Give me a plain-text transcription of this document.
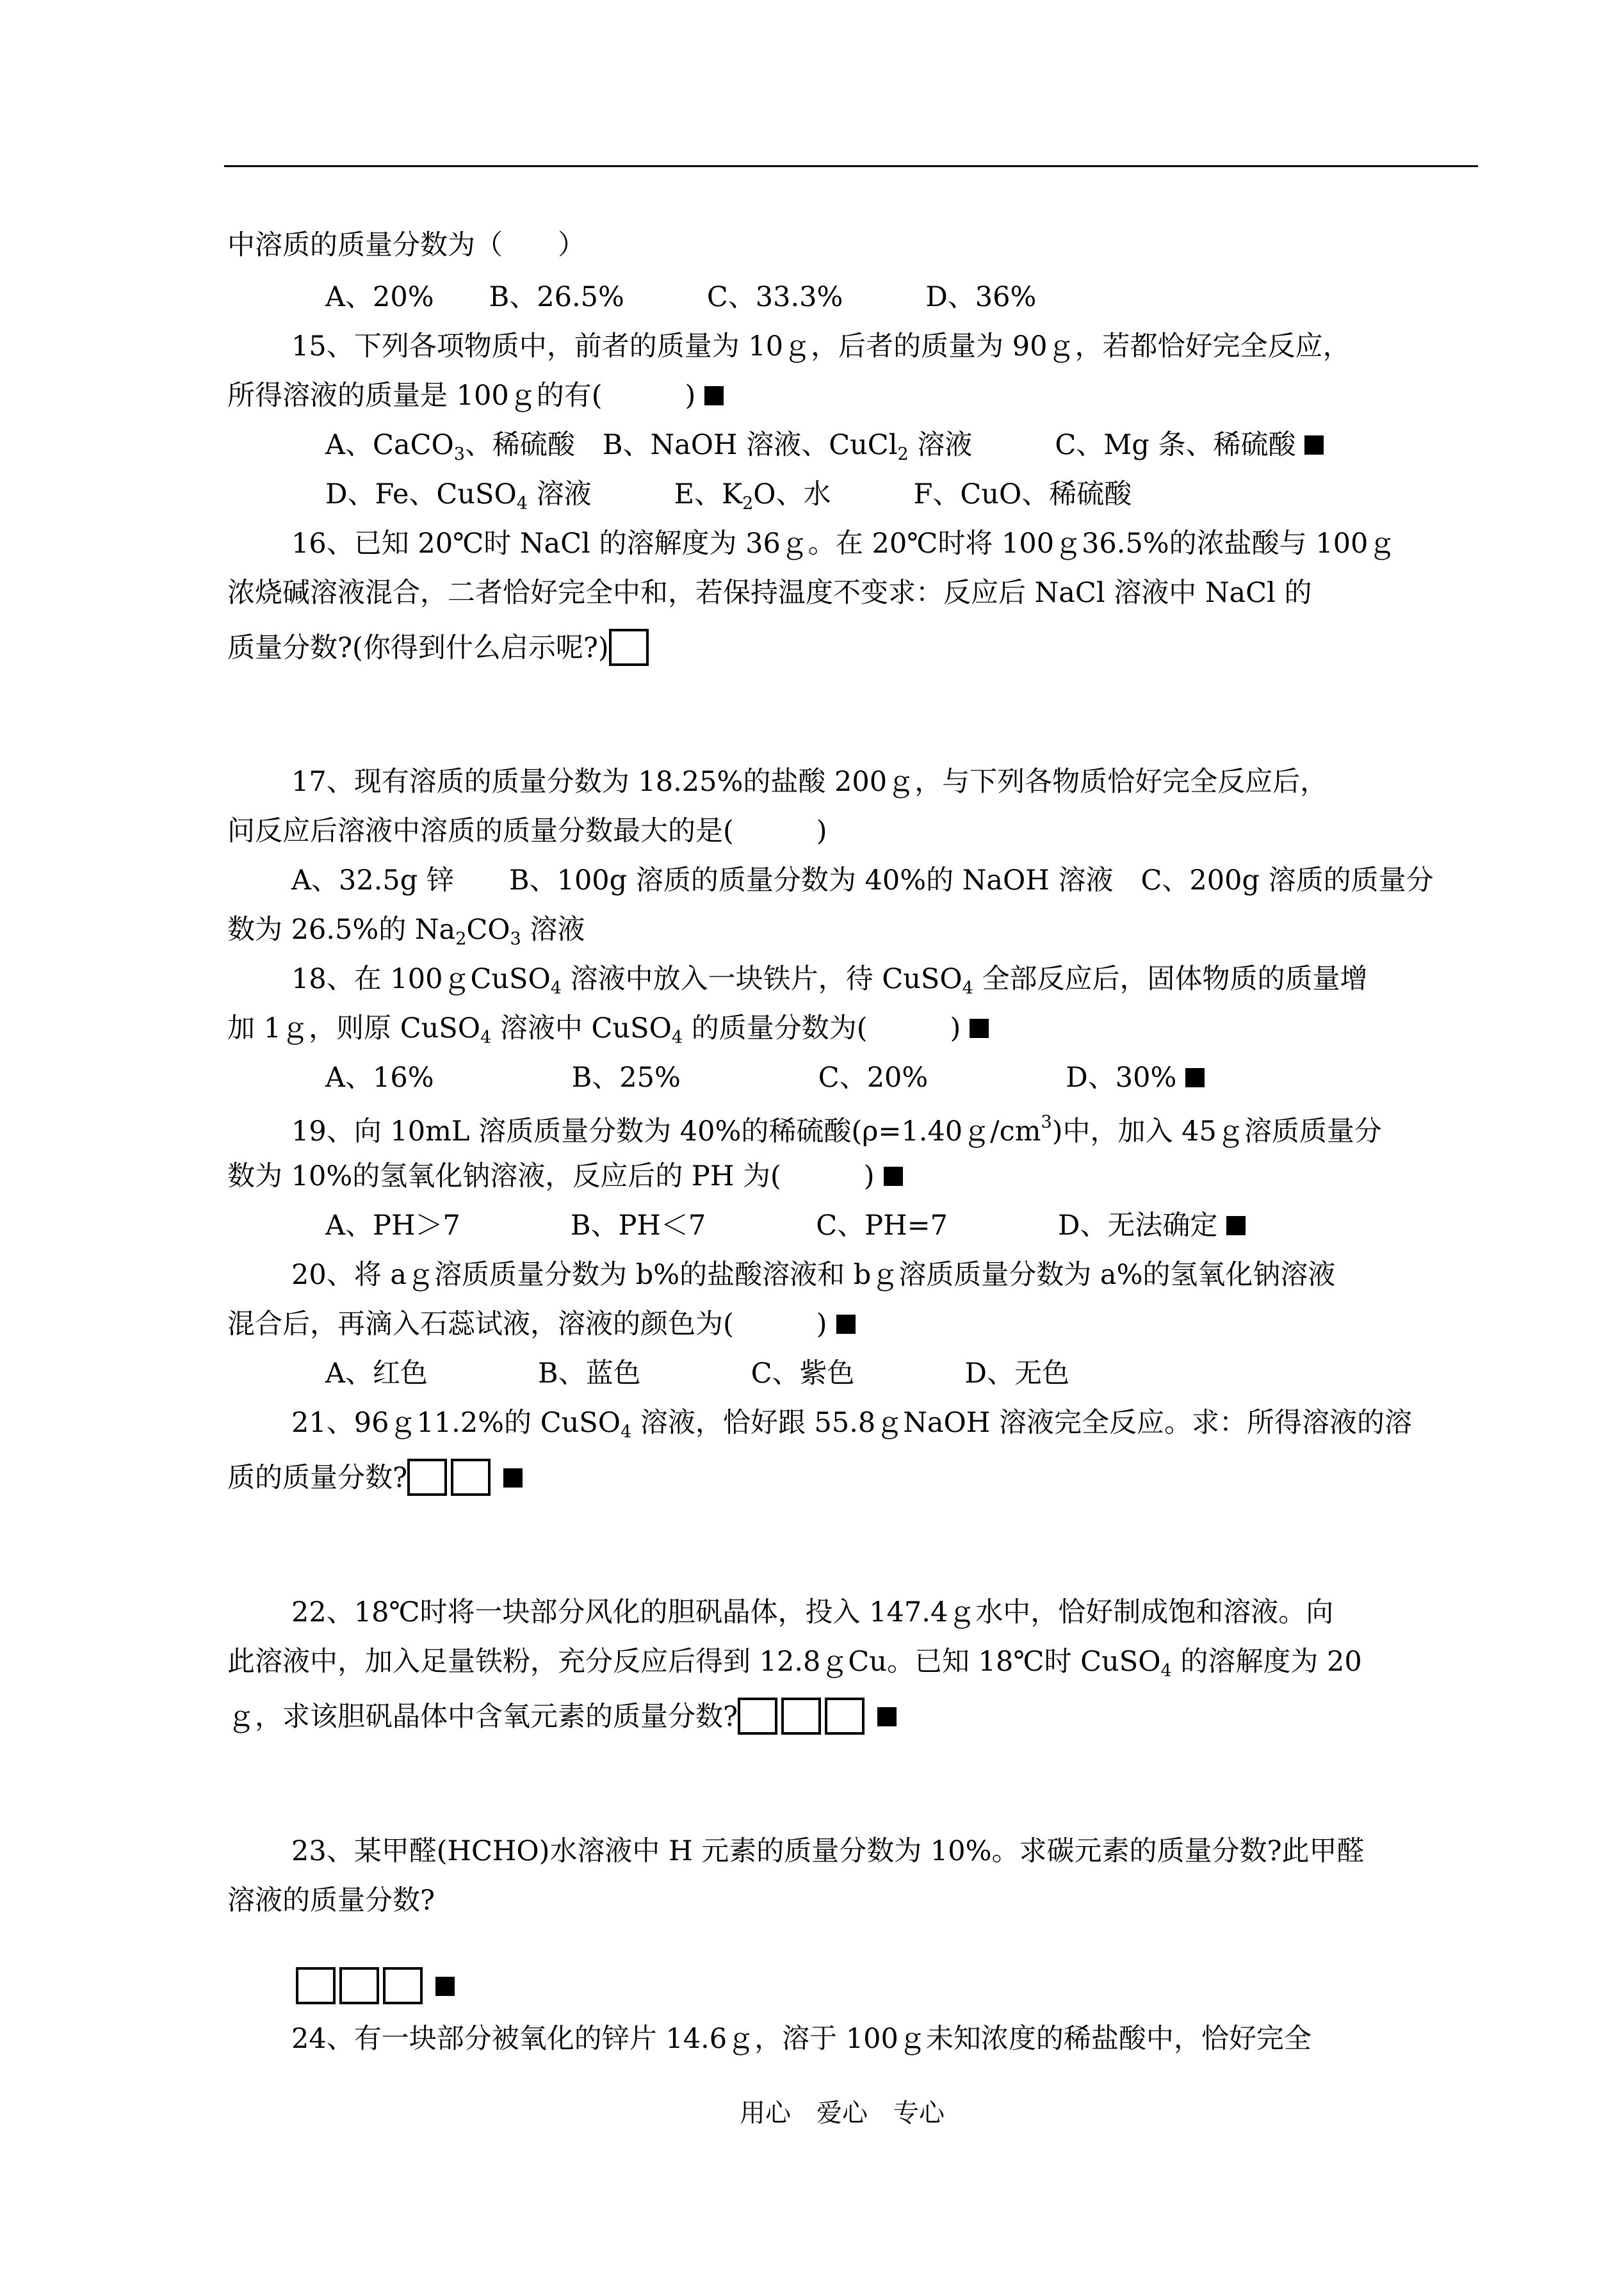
中溶质的质量分数为（　　）
A、20%　　B、26.5%　　　C、33.3%　　　D、36%
15、下列各项物质中，前者的质量为 10ｇ，后者的质量为 90ｇ，若都恰好完全反应，
所得溶液的质量是 100ｇ的有(　　　)
A、CaCO$_3$、稀硫酸　B、NaOH 溶液、CuCl$_2$ 溶液　　　C、Mg 条、稀硫酸
D、Fe、CuSO$_4$ 溶液　　　E、$K_2O$、水　　　F、CuO、稀硫酸
16、已知 20℃时 NaCl 的溶解度为 36ｇ。在 20℃时将 100ｇ36.5%的浓盐酸与 100ｇ
浓烧碱溶液混合，二者恰好完全中和，若保持温度不变求：反应后 NaCl 溶液中 NaCl 的
质量分数?(你得到什么启示呢?)
17、现有溶质的质量分数为 18.25%的盐酸 200ｇ，与下列各物质恰好完全反应后，
问反应后溶液中溶质的质量分数最大的是(　　　)
A、32.5g 锌　　B、100g 溶质的质量分数为 40%的 NaOH 溶液　C、200g 溶质的质量分
数为 26.5%的 $Na_2CO_3$ 溶液
18、在 100ｇCuSO$_4$ 溶液中放入一块铁片，待 CuSO$_4$ 全部反应后，固体物质的质量增
加 1ｇ，则原 CuSO$_4$ 溶液中 CuSO$_4$ 的质量分数为(　　　)
A、16%　　　　　B、25%　　　　　C、20%　　　　　D、30%
19、向 10mL 溶质质量分数为 40%的稀硫酸$(\rho=1.40g/cm^3)$中，加入 45ｇ溶质质量分
数为 10%的氢氧化钠溶液，反应后的 PH 为(　　　)
A、PH＞7　　　　B、PH＜7　　　　C、PH=7　　　　D、无法确定
20、将 aｇ溶质质量分数为 b%的盐酸溶液和 bｇ溶质质量分数为 a%的氢氧化钠溶液
混合后，再滴入石蕊试液，溶液的颜色为(　　　)
A、红色　　　　B、蓝色　　　　C、紫色　　　　D、无色
21、96ｇ11.2%的 CuSO$_4$ 溶液，恰好跟 55.8ｇNaOH 溶液完全反应。求：所得溶液的溶
质的质量分数?
22、18℃时将一块部分风化的胆矾晶体，投入 147.4ｇ水中，恰好制成饱和溶液。向
此溶液中，加入足量铁粉，充分反应后得到 12.8ｇCu。已知 18℃时 CuSO$_4$ 的溶解度为 20
ｇ，求该胆矾晶体中含氧元素的质量分数?
23、某甲醛(HCHO)水溶液中 H 元素的质量分数为 10%。求碳元素的质量分数?此甲醛
溶液的质量分数?
24、有一块部分被氧化的锌片 14.6ｇ，溶于 100ｇ未知浓度的稀盐酸中，恰好完全
用心　爱心　专心
